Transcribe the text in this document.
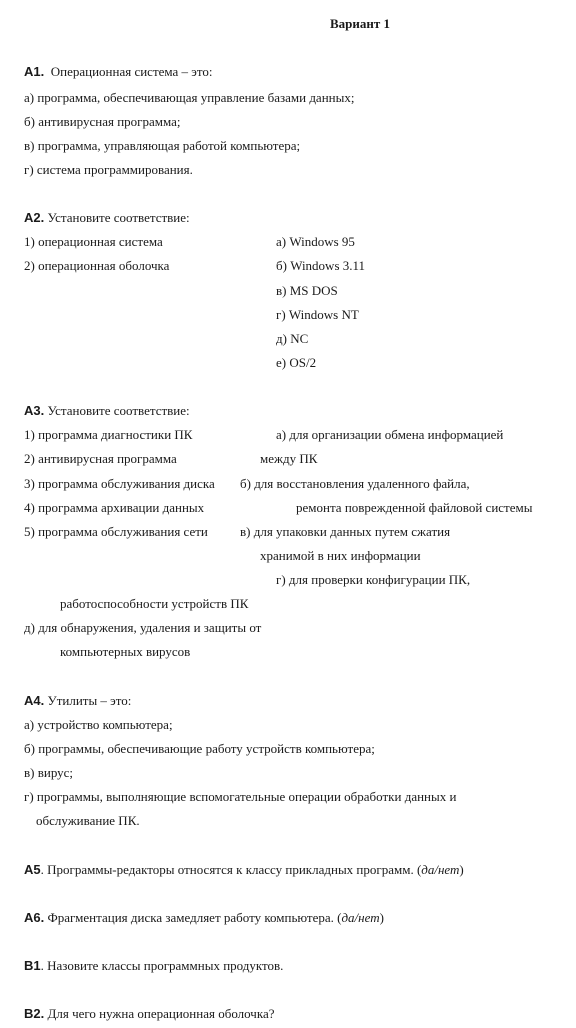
Вариант 1
А1. Операционная система – это:
а) программа, обеспечивающая управление базами данных;
б) антивирусная программа;
в) программа, управляющая работой компьютера;
г) система программирования.
А2. Установите соответствие:
1) операционная система
2) операционная оболочка
а) Windows 95
б) Windows 3.11
в) MS DOS
г) Windows NT
д) NC
е) OS/2
А3. Установите соответствие:
1) программа диагностики ПК
2) антивирусная программа
3) программа обслуживания диска
4) программа архивации данных
5) программа обслуживания сети
а) для организации обмена информацией
между ПК
б) для восстановления удаленного файла,
ремонта поврежденной файловой системы
в) для упаковки данных путем сжатия
хранимой в них информации
г) для проверки конфигурации ПК,
работоспособности устройств ПК
д) для обнаружения, удаления и защиты от
компьютерных вирусов
А4. Утилиты – это:
а) устройство компьютера;
б) программы, обеспечивающие работу устройств компьютера;
в) вирус;
г) программы, выполняющие вспомогательные операции обработки данных и
обслуживание ПК.
А5. Программы-редакторы относятся к классу прикладных программ. (да/нет)
А6. Фрагментация диска замедляет работу компьютера. (да/нет)
В1. Назовите классы программных продуктов.
В2. Для чего нужна операционная оболочка?
